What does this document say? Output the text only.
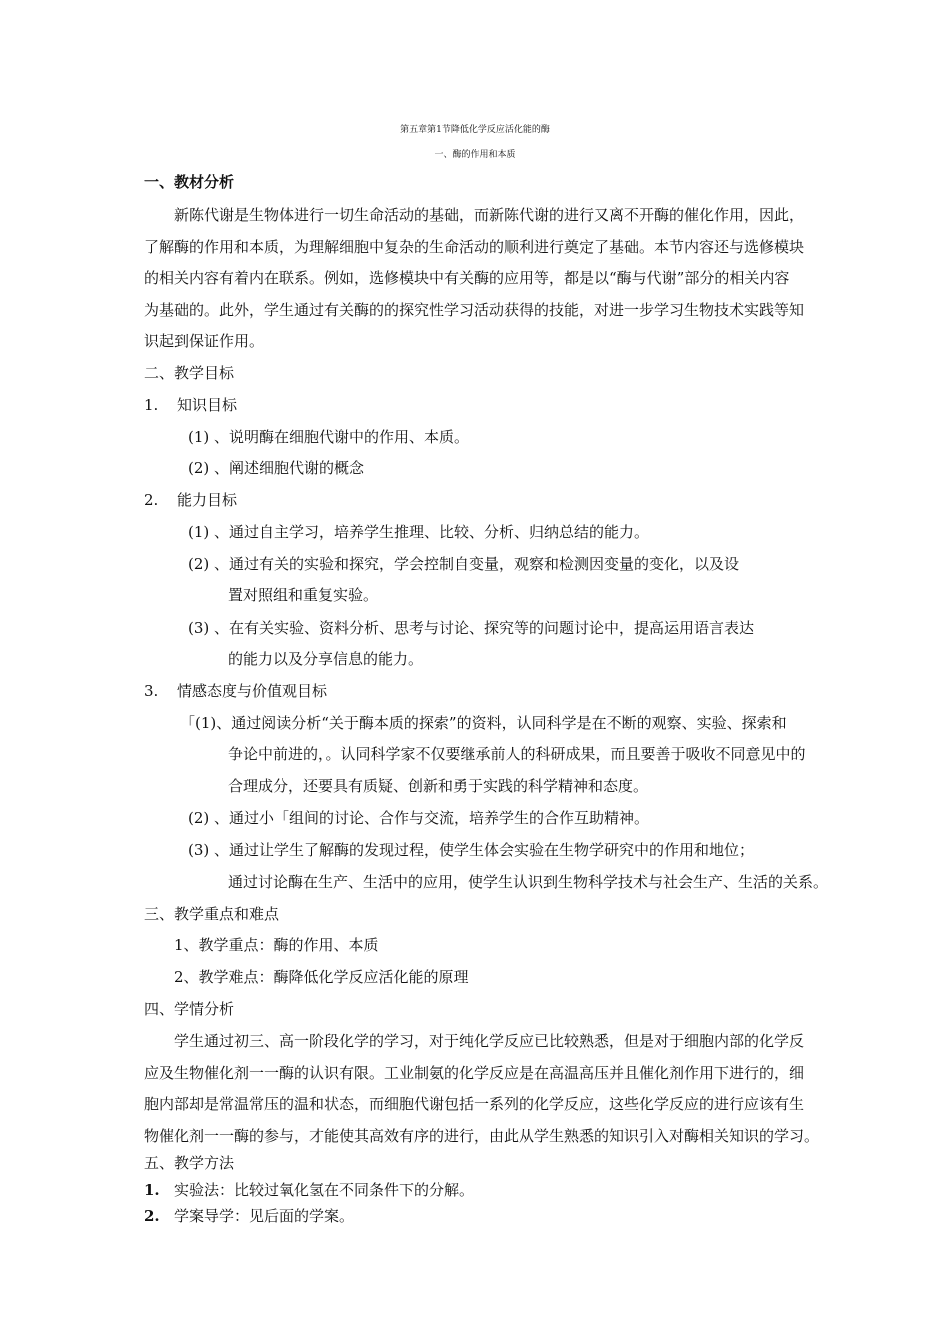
第五章第1节降低化学反应活化能的酶
一、酶的作用和本质
一、教材分析
新陈代谢是生物体进行一切生命活动的基础，而新陈代谢的进行又离不开酶的催化作用，因此，
了解酶的作用和本质，为理解细胞中复杂的生命活动的顺利进行奠定了基础。本节内容还与选修模块
的相关内容有着内在联系。例如，选修模块中有关酶的应用等，都是以“酶与代谢”部分的相关内容
为基础的。此外，学生通过有关酶的的探究性学习活动获得的技能，对进一步学习生物技术实践等知
识起到保证作用。
二、教学目标
1. 知识目标
(1) 、说明酶在细胞代谢中的作用、本质。
(2) 、阐述细胞代谢的概念
2. 能力目标
(1) 、通过自主学习，培养学生推理、比较、分析、归纳总结的能力。
(2) 、通过有关的实验和探究，学会控制自变量，观察和检测因变量的变化，以及设
置对照组和重复实验。
(3) 、在有关实验、资料分析、思考与讨论、探究等的问题讨论中，提高运用语言表达
的能力以及分享信息的能力。
3. 情感态度与价值观目标
「(1)、通过阅读分析“关于酶本质的探索”的资料，认同科学是在不断的观察、实验、探索和
争论中前进的，。认同科学家不仅要继承前人的科研成果，而且要善于吸收不同意见中的
合理成分，还要具有质疑、创新和勇于实践的科学精神和态度。
(2) 、通过小「组间的讨论、合作与交流，培养学生的合作互助精神。
(3) 、通过让学生了解酶的发现过程，使学生体会实验在生物学研究中的作用和地位；
通过讨论酶在生产、生活中的应用，使学生认识到生物科学技术与社会生产、生活的关系。
三、教学重点和难点
1、教学重点：酶的作用、本质
2、教学难点：酶降低化学反应活化能的原理
四、学情分析
学生通过初三、高一阶段化学的学习，对于纯化学反应已比较熟悉，但是对于细胞内部的化学反
应及生物催化剂一一酶的认识有限。工业制氨的化学反应是在高温高压并且催化剂作用下进行的，细
胞内部却是常温常压的温和状态，而细胞代谢包括一系列的化学反应，这些化学反应的进行应该有生
物催化剂一一酶的参与，才能使其高效有序的进行，由此从学生熟悉的知识引入对酶相关知识的学习。
五、教学方法
1. 实验法：比较过氧化氢在不同条件下的分解。
2. 学案导学：见后面的学案。
